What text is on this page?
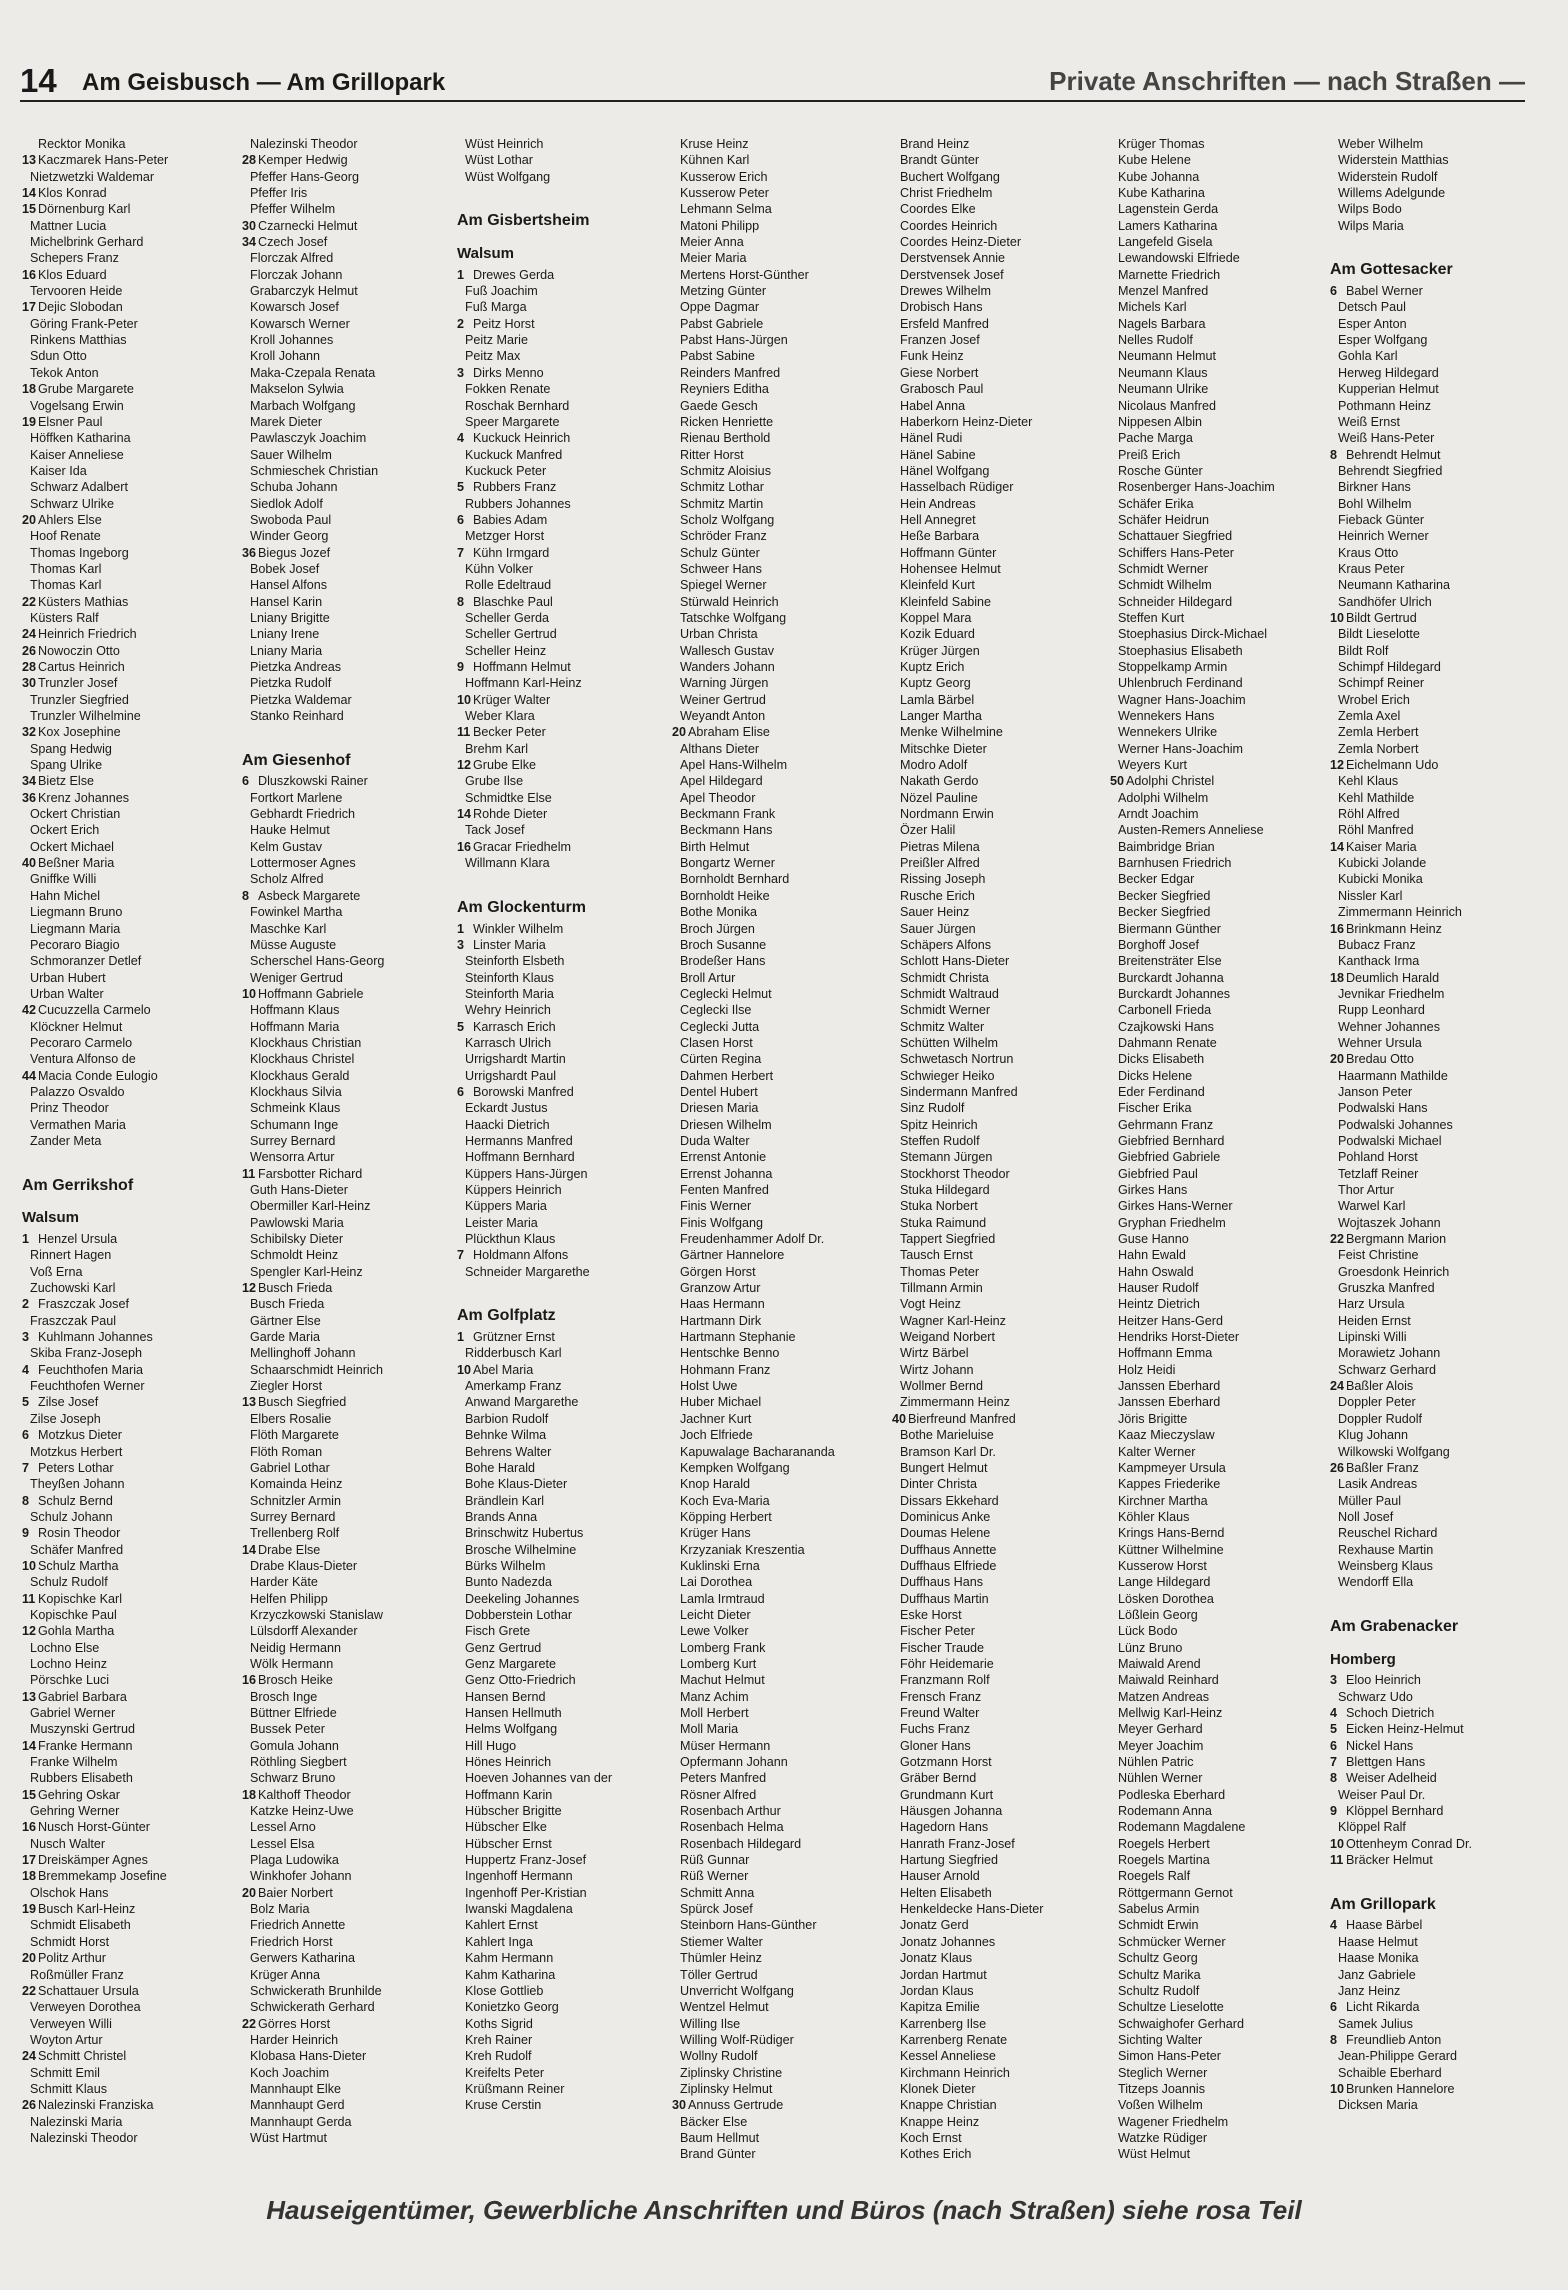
14 Am Geisbusch — Am Grillopark	Private Anschriften — nach Straßen —
Recktor Monika
13 Kaczmarek Hans-Peter
Nietzwetzki Waldemar
14 Klos Konrad
15 Dörnenburg Karl
Mattner Lucia
Michelbrink Gerhard
Schepers Franz
16 Klos Eduard
Tervooren Heide
17 Dejic Slobodan
Göring Frank-Peter
Rinkens Matthias
Sdun Otto
Tekok Anton
18 Grube Margarete
Vogelsang Erwin
19 Elsner Paul
Höffken Katharina
Kaiser Anneliese
Kaiser Ida
Schwarz Adalbert
Schwarz Ulrike
20 Ahlers Else
Hoof Renate
Thomas Ingeborg
Thomas Karl
Thomas Karl
22 Küsters Mathias
Küsters Ralf
24 Heinrich Friedrich
26 Nowoczin Otto
28 Cartus Heinrich
30 Trunzler Josef
Trunzler Siegfried
Trunzler Wilhelmine
32 Kox Josephine
Spang Hedwig
Spang Ulrike
34 Bietz Else
36 Krenz Johannes
Ockert Christian
Ockert Erich
Ockert Michael
40 Beßner Maria
Gniffke Willi
Hahn Michel
Liegmann Bruno
Liegmann Maria
Pecoraro Biagio
Schmoranzer Detlef
Urban Hubert
Urban Walter
42 Cucuzzella Carmelo
Klöckner Helmut
Pecoraro Carmelo
Ventura Alfonso de
44 Macia Conde Eulogio
Palazzo Osvaldo
Prinz Theodor
Vermathen Maria
Zander Meta
Am Gerrikshof
Walsum
1 Henzel Ursula
Rinnert Hagen
Voß Erna
Zuchowski Karl
2 Fraszczak Josef
Fraszczak Paul
3 Kuhlmann Johannes
Skiba Franz-Joseph
4 Feuchthofen Maria
Feuchthofen Werner
5 Zilse Josef
Zilse Joseph
6 Motzkus Dieter
Motzkus Herbert
7 Peters Lothar
Theyßen Johann
8 Schulz Bernd
Schulz Johann
9 Rosin Theodor
Schäfer Manfred
10 Schulz Martha
Schulz Rudolf
11 Kopischke Karl
Kopischke Paul
12 Gohla Martha
Lochno Else
Lochno Heinz
Pörschke Luci
13 Gabriel Barbara
Gabriel Werner
Muszynski Gertrud
14 Franke Hermann
Franke Wilhelm
Rubbers Elisabeth
15 Gehring Oskar
Gehring Werner
16 Nusch Horst-Günter
Nusch Walter
17 Dreiskämper Agnes
18 Bremmekamp Josefine
Olschok Hans
19 Busch Karl-Heinz
Schmidt Elisabeth
Schmidt Horst
20 Politz Arthur
Roßmüller Franz
22 Schattauer Ursula
Verweyen Dorothea
Verweyen Willi
Woyton Artur
24 Schmitt Christel
Schmitt Emil
Schmitt Klaus
26 Nalezinski Franziska
Nalezinski Maria
Nalezinski Theodor
Nalezinski Theodor
28 Kemper Hedwig
Pfeffer Hans-Georg
Pfeffer Iris
Pfeffer Wilhelm
30 Czarnecki Helmut
34 Czech Josef
Florczak Alfred
Florczak Johann
Grabarczyk Helmut
Kowarsch Josef
Kowarsch Werner
Kroll Johannes
Kroll Johann
Maka-Czepala Renata
Makselon Sylwia
Marbach Wolfgang
Marek Dieter
Pawlasczyk Joachim
Sauer Wilhelm
Schmieschek Christian
Schuba Johann
Siedlok Adolf
Swoboda Paul
Winder Georg
36 Biegus Jozef
Bobek Josef
Hansel Alfons
Hansel Karin
Lniany Brigitte
Lniany Irene
Lniany Maria
Pietzka Andreas
Pietzka Rudolf
Pietzka Waldemar
Stanko Reinhard
Am Giesenhof
6 Dluszkowski Rainer
Fortkort Marlene
Gebhardt Friedrich
Haukе Helmut
Kelm Gustav
Lottermoser Agnes
Scholz Alfred
8 Asbeck Margarete
Fowinkel Martha
Maschke Karl
Müsse Auguste
Scherschel Hans-Georg
Weniger Gertrud
10 Hoffmann Gabriele
Hoffmann Klaus
Hoffmann Maria
Klockhaus Christian
Klockhaus Christel
Klockhaus Gerald
Klockhaus Silvia
Schmeink Klaus
Schumann Inge
Surrey Bernard
Wensorra Artur
11 Farsbotter Richard
Guth Hans-Dieter
Obermiller Karl-Heinz
Pawlowski Maria
Schibilsky Dieter
Schmoldt Heinz
Spengler Karl-Heinz
12 Busch Frieda
Busch Frieda
Gärtner Else
Garde Maria
Mellinghoff Johann
Schaarschmidt Heinrich
Ziegler Horst
13 Busch Siegfried
Elbers Rosalie
Flöth Margarete
Flöth Roman
Gabriel Lothar
Komainda Heinz
Schnitzler Armin
Surrey Bernard
Trellenberg Rolf
14 Drabe Else
Drabe Klaus-Dieter
Harder Käte
Helfen Philipp
Krzyczkowski Stanislaw
Lülsdorff Alexander
Neidig Hermann
Wölk Hermann
16 Brosch Heike
Brosch Inge
Büttner Elfriede
Bussek Peter
Gomula Johann
Röthling Siegbert
Schwarz Bruno
18 Kalthoff Theodor
Katzke Heinz-Uwe
Lessel Arno
Lessel Elsa
Plaga Ludowika
Winkhofer Johann
20 Baier Norbert
Bolz Maria
Friedrich Annette
Friedrich Horst
Gerwers Katharina
Krüger Anna
Schwickerath Brunhilde
Schwickerath Gerhard
22 Görres Horst
Harder Heinrich
Klobasa Hans-Dieter
Koch Joachim
Mannhaupt Elke
Mannhaupt Gerd
Mannhaupt Gerda
Wüst Hartmut
Wüst Heinrich
Wüst Lothar
Wüst Wolfgang
Am Gisbertsheim
Walsum
1 Drewes Gerda
Fuß Joachim
Fuß Marga
2 Peitz Horst
Peitz Marie
Peitz Max
3 Dirks Menno
Fokken Renate
Roschak Bernhard
Speer Margarete
4 Kuckuck Heinrich
Kuckuck Manfred
Kuckuck Peter
5 Rubbers Franz
Rubbers Johannes
6 Babies Adam
Metzger Horst
7 Kühn Irmgard
Kühn Volker
Rolle Edeltraud
8 Blaschke Paul
Scheller Gerda
Scheller Gertrud
Scheller Heinz
9 Hoffmann Helmut
Hoffmann Karl-Heinz
10 Krüger Walter
Weber Klara
11 Becker Peter
Brehm Karl
12 Grube Elke
Grube Ilse
Schmidtke Else
14 Rohde Dieter
Tack Josef
16 Gracar Friedhelm
Willmann Klara
Am Glockenturm
1 Winkler Wilhelm
3 Linster Maria
Steinforth Elsbeth
Steinforth Klaus
Steinforth Maria
Wehry Heinrich
5 Karrasch Erich
Karrasch Ulrich
Urrigshardt Martin
Urrigshardt Paul
6 Borowski Manfred
Eckardt Justus
Haacki Dietrich
Hermanns Manfred
Hoffmann Bernhard
Küppers Hans-Jürgen
Küppers Heinrich
Küppers Maria
Leister Maria
Plückthun Klaus
7 Holdmann Alfons
Schneider Margarethe
Am Golfplatz
1 Grützner Ernst
Ridderbusch Karl
10 Abel Maria
Amerkamp Franz
Anwand Margarethe
Barbion Rudolf
Behnke Wilma
Behrens Walter
Bohe Harald
Bohe Klaus-Dieter
Brändlein Karl
Brands Anna
Brinschwitz Hubertus
Brosche Wilhelmine
Bürks Wilhelm
Bunto Nadezda
Deekeling Johannes
Dobberstein Lothar
Fisch Grete
Genz Gertrud
Genz Margarete
Genz Otto-Friedrich
Hansen Bernd
Hansen Hellmuth
Helms Wolfgang
Hill Hugo
Hönes Heinrich
Hoeven Johannes van der
Hoffmann Karin
Hübscher Brigitte
Hübscher Elke
Hübscher Ernst
Huppertz Franz-Josef
Ingenhoff Hermann
Ingenhoff Per-Kristian
Iwanski Magdalena
Kahlert Ernst
Kahlert Inga
Kahm Hermann
Kahm Katharina
Klose Gottlieb
Konietzko Georg
Koths Sigrid
Kreh Rainer
Kreh Rudolf
Kreifelts Peter
Krüßmann Reiner
Kruse Cerstin
Kruse Heinz
Kühnen Karl
Kusserow Erich
Kusserow Peter
Lehmann Selma
Matoni Philipp
Meier Anna
Meier Maria
Mertens Horst-Günther
Metzing Günter
Oppe Dagmar
Pabst Gabriele
Pabst Hans-Jürgen
Pabst Sabine
Reinders Manfred
Reyniers Editha
Gaede Gesch
Ricken Henriette
Rienau Berthold
Ritter Horst
Schmitz Aloisius
Schmitz Lothar
Schmitz Martin
Scholz Wolfgang
Schröder Franz
Schulz Günter
Schweer Hans
Spiegel Werner
Stürwald Heinrich
Tatschke Wolfgang
Urban Christa
Wallesch Gustav
Wanders Johann
Warning Jürgen
Weiner Gertrud
Weyandt Anton
20 Abraham Elise
Althans Dieter
Apel Hans-Wilhelm
Apel Hildegard
Apel Theodor
Beckmann Frank
Beckmann Hans
Birth Helmut
Bongartz Werner
Bornholdt Bernhard
Bornholdt Heike
Bothe Monika
Broch Jürgen
Broch Susanne
Brodeßer Hans
Broll Artur
Ceglecki Helmut
Ceglecki Ilse
Ceglecki Jutta
Clasen Horst
Cürten Regina
Dahmen Herbert
Dentel Hubert
Driesen Maria
Driesen Wilhelm
Duda Walter
Errenst Antonie
Errenst Johanna
Fenten Manfred
Finis Werner
Finis Wolfgang
Freudenhammer Adolf Dr.
Gärtner Hannelore
Görgen Horst
Granzow Artur
Haas Hermann
Hartmann Dirk
Hartmann Stephanie
Hentschke Benno
Hohmann Franz
Holst Uwe
Huber Michael
Jachner Kurt
Joch Elfriede
Kapuwalage Bacharananda
Kempken Wolfgang
Knop Harald
Koch Eva-Maria
Köpping Herbert
Krüger Hans
Krzyzaniak Kreszentia
Kuklinski Erna
Lai Dorothea
Lamla Irmtraud
Leicht Dieter
Lewe Volker
Lomberg Frank
Lomberg Kurt
Machut Helmut
Manz Achim
Moll Herbert
Moll Maria
Müser Hermann
Opfermann Johann
Peters Manfred
Rösner Alfred
Rosenbach Arthur
Rosenbach Helma
Rosenbach Hildegard
Rüß Gunnar
Rüß Werner
Schmitt Anna
Spürck Josef
Steinborn Hans-Günther
Stiemer Walter
Thümler Heinz
Töller Gertrud
Unverricht Wolfgang
Wentzel Helmut
Willing Ilse
Willing Wolf-Rüdiger
Wollny Rudolf
Ziplinsky Christine
Ziplinsky Helmut
30 Annuss Gertrude
Bäcker Else
Baum Hellmut
Brand Günter
Brand Heinz
Brandt Günter
Buchert Wolfgang
Christ Friedhelm
Coordes Elke
Coordes Heinrich
Coordes Heinz-Dieter
Derstvensek Annie
Derstvensek Josef
Drewes Wilhelm
Drobisch Hans
Ersfeld Manfred
Franzen Josef
Funk Heinz
Giese Norbert
Grabosch Paul
Habel Anna
Haberkorn Heinz-Dieter
Hänel Rudi
Hänel Sabine
Hänel Wolfgang
Hasselbach Rüdiger
Hein Andreas
Hell Annegret
Heße Barbara
Hoffmann Günter
Hohensee Helmut
Kleinfeld Kurt
Kleinfeld Sabine
Koppel Mara
Kozik Eduard
Krüger Jürgen
Kuptz Erich
Kuptz Georg
Lamla Bärbel
Langer Martha
Menke Wilhelmine
Mitschke Dieter
Modro Adolf
Nakath Gerdo
Nözel Pauline
Nordmann Erwin
Özer Halil
Pietras Milena
Preißler Alfred
Rissing Joseph
Rusche Erich
Sauer Heinz
Sauer Jürgen
Schäpers Alfons
Schlott Hans-Dieter
Schmidt Christa
Schmidt Waltraud
Schmidt Werner
Schmitz Walter
Schütten Wilhelm
Schwetasch Nortrun
Schwieger Heiko
Sindermann Manfred
Sinz Rudolf
Spitz Heinrich
Steffen Rudolf
Stemann Jürgen
Stockhorst Theodor
Stuka Hildegard
Stuka Norbert
Stuka Raimund
Tappert Siegfried
Tausch Ernst
Thomas Peter
Tillmann Armin
Vogt Heinz
Wagner Karl-Heinz
Weigand Norbert
Wirtz Bärbel
Wirtz Johann
Wollmer Bernd
Zimmermann Heinz
40 Bierfreund Manfred
Bothe Marieluise
Bramson Karl Dr.
Bungert Helmut
Dinter Christa
Dissars Ekkehard
Dominicus Anke
Doumas Helene
Duffhaus Annette
Duffhaus Elfriede
Duffhaus Hans
Duffhaus Martin
Eske Horst
Fischer Peter
Fischer Traude
Föhr Heidemarie
Franzmann Rolf
Frensch Franz
Freund Walter
Fuchs Franz
Gloner Hans
Gotzmann Horst
Gräber Bernd
Grundmann Kurt
Häusgen Johanna
Hagedorn Hans
Hanrath Franz-Josef
Hartung Siegfried
Hauser Arnold
Helten Elisabeth
Henkeldecke Hans-Dieter
Jonatz Gerd
Jonatz Johannes
Jonatz Klaus
Jordan Hartmut
Jordan Klaus
Kapitza Emilie
Karrenberg Ilse
Karrenberg Renate
Kessel Anneliese
Kirchmann Heinrich
Klonek Dieter
Knappe Christian
Knappe Heinz
Koch Ernst
Kothes Erich
Krüger Thomas
Kube Helene
Kube Johanna
Kube Katharina
Lagenstein Gerda
Lamers Katharina
Langefeld Gisela
Lewandowski Elfriede
Marnette Friedrich
Menzel Manfred
Michels Karl
Nagels Barbara
Nelles Rudolf
Neumann Helmut
Neumann Klaus
Neumann Ulrike
Nicolaus Manfred
Nippesen Albin
Pache Marga
Preiß Erich
Rosche Günter
Rosenberger Hans-Joachim
Schäfer Erika
Schäfer Heidrun
Schattauer Siegfried
Schiffers Hans-Peter
Schmidt Werner
Schmidt Wilhelm
Schneider Hildegard
Steffen Kurt
Stoephasius Dirck-Michael
Stoephasius Elisabeth
Stoppelkamp Armin
Uhlenbruch Ferdinand
Wagner Hans-Joachim
Wennekers Hans
Wennekers Ulrike
Werner Hans-Joachim
Weyers Kurt
50 Adolphi Christel
Adolphi Wilhelm
Arndt Joachim
Austen-Remers Anneliese
Baimbridge Brian
Barnhusen Friedrich
Becker Edgar
Becker Siegfried
Becker Siegfried
Biermann Günther
Borghoff Josef
Breitensträter Else
Burckardt Johanna
Burckardt Johannes
Carbonell Frieda
Czajkowski Hans
Dahmann Renate
Dicks Elisabeth
Dicks Helene
Eder Ferdinand
Fischer Erika
Gehrmann Franz
Giebfried Bernhard
Giebfried Gabriele
Giebfried Paul
Girkes Hans
Girkes Hans-Werner
Gryphan Friedhelm
Guse Hanno
Hahn Ewald
Hahn Oswald
Hauser Rudolf
Heintz Dietrich
Heitzer Hans-Gerd
Hendriks Horst-Dieter
Hoffmann Emma
Holz Heidi
Janssen Eberhard
Janssen Eberhard
Jöris Brigitte
Kaaz Mieczyslaw
Kalter Werner
Kampmeyer Ursula
Kappes Friederike
Kirchner Martha
Köhler Klaus
Krings Hans-Bernd
Küttner Wilhelmine
Kusserow Horst
Lange Hildegard
Lösken Dorothea
Lößlein Georg
Lück Bodo
Lünz Bruno
Maiwald Arend
Maiwald Reinhard
Matzen Andreas
Mellwig Karl-Heinz
Meyer Gerhard
Meyer Joachim
Nühlen Patric
Nühlen Werner
Podleska Eberhard
Rodemann Anna
Rodemann Magdalene
Roegels Herbert
Roegels Martina
Roegels Ralf
Röttgermann Gernot
Sabelus Armin
Schmidt Erwin
Schmücker Werner
Schultz Georg
Schultz Marika
Schultz Rudolf
Schultze Lieselotte
Schwaighofer Gerhard
Sichting Walter
Simon Hans-Peter
Steglich Werner
Titzeps Joannis
Voßen Wilhelm
Wagener Friedhelm
Watzke Rüdiger
Wüst Helmut
Weber Wilhelm
Widerstein Matthias
Widerstein Rudolf
Willems Adelgunde
Wilps Bodo
Wilps Maria
Am Gottesacker
6 Babel Werner
Detsch Paul
Esper Anton
Esper Wolfgang
Gohla Karl
Herweg Hildegard
Kupperian Helmut
Pothmann Heinz
Weiß Ernst
Weiß Hans-Peter
8 Behrendt Helmut
Behrendt Siegfried
Birkner Hans
Bohl Wilhelm
Fieback Günter
Heinrich Werner
Kraus Otto
Kraus Peter
Neumann Katharina
Sandhöfer Ulrich
10 Bildt Gertrud
Bildt Lieselotte
Bildt Rolf
Schimpf Hildegard
Schimpf Reiner
Wrobel Erich
Zemla Axel
Zemla Herbert
Zemla Norbert
12 Eichelmann Udo
Kehl Klaus
Kehl Mathilde
Röhl Alfred
Röhl Manfred
14 Kaiser Maria
Kubicki Jolande
Kubicki Monika
Nissler Karl
Zimmermann Heinrich
16 Brinkmann Heinz
Bubacz Franz
Kanthack Irma
18 Deumlich Harald
Jevnikar Friedhelm
Rupp Leonhard
Wehner Johannes
Wehner Ursula
20 Bredau Otto
Haarmann Mathilde
Janson Peter
Podwalski Hans
Podwalski Johannes
Podwalski Michael
Pohland Horst
Tetzlaff Reiner
Thor Artur
Warwel Karl
Wojtaszek Johann
22 Bergmann Marion
Feist Christine
Groesdonk Heinrich
Gruszka Manfred
Harz Ursula
Heiden Ernst
Lipinski Willi
Morawietz Johann
Schwarz Gerhard
24 Baßler Alois
Doppler Peter
Doppler Rudolf
Klug Johann
Wilkowski Wolfgang
26 Baßler Franz
Lasik Andreas
Müller Paul
Noll Josef
Reuschel Richard
Rexhause Martin
Weinsberg Klaus
Wendorff Ella
Am Grabenacker
Homberg
3 Eloo Heinrich
Schwarz Udo
4 Schoch Dietrich
5 Eicken Heinz-Helmut
6 Nickel Hans
7 Blettgen Hans
8 Weiser Adelheid
Weiser Paul Dr.
9 Klöppel Bernhard
Klöppel Ralf
10 Ottenheym Conrad Dr.
11 Bräcker Helmut
Am Grillopark
4 Haase Bärbel
Haase Helmut
Haase Monika
Janz Gabriele
Janz Heinz
6 Licht Rikarda
Samek Julius
8 Freundlieb Anton
Jean-Philippe Gerard
Schaible Eberhard
10 Brunken Hannelore
Dicksen Maria
Hauseigentümer, Gewerbliche Anschriften und Büros (nach Straßen) siehe rosa Teil
